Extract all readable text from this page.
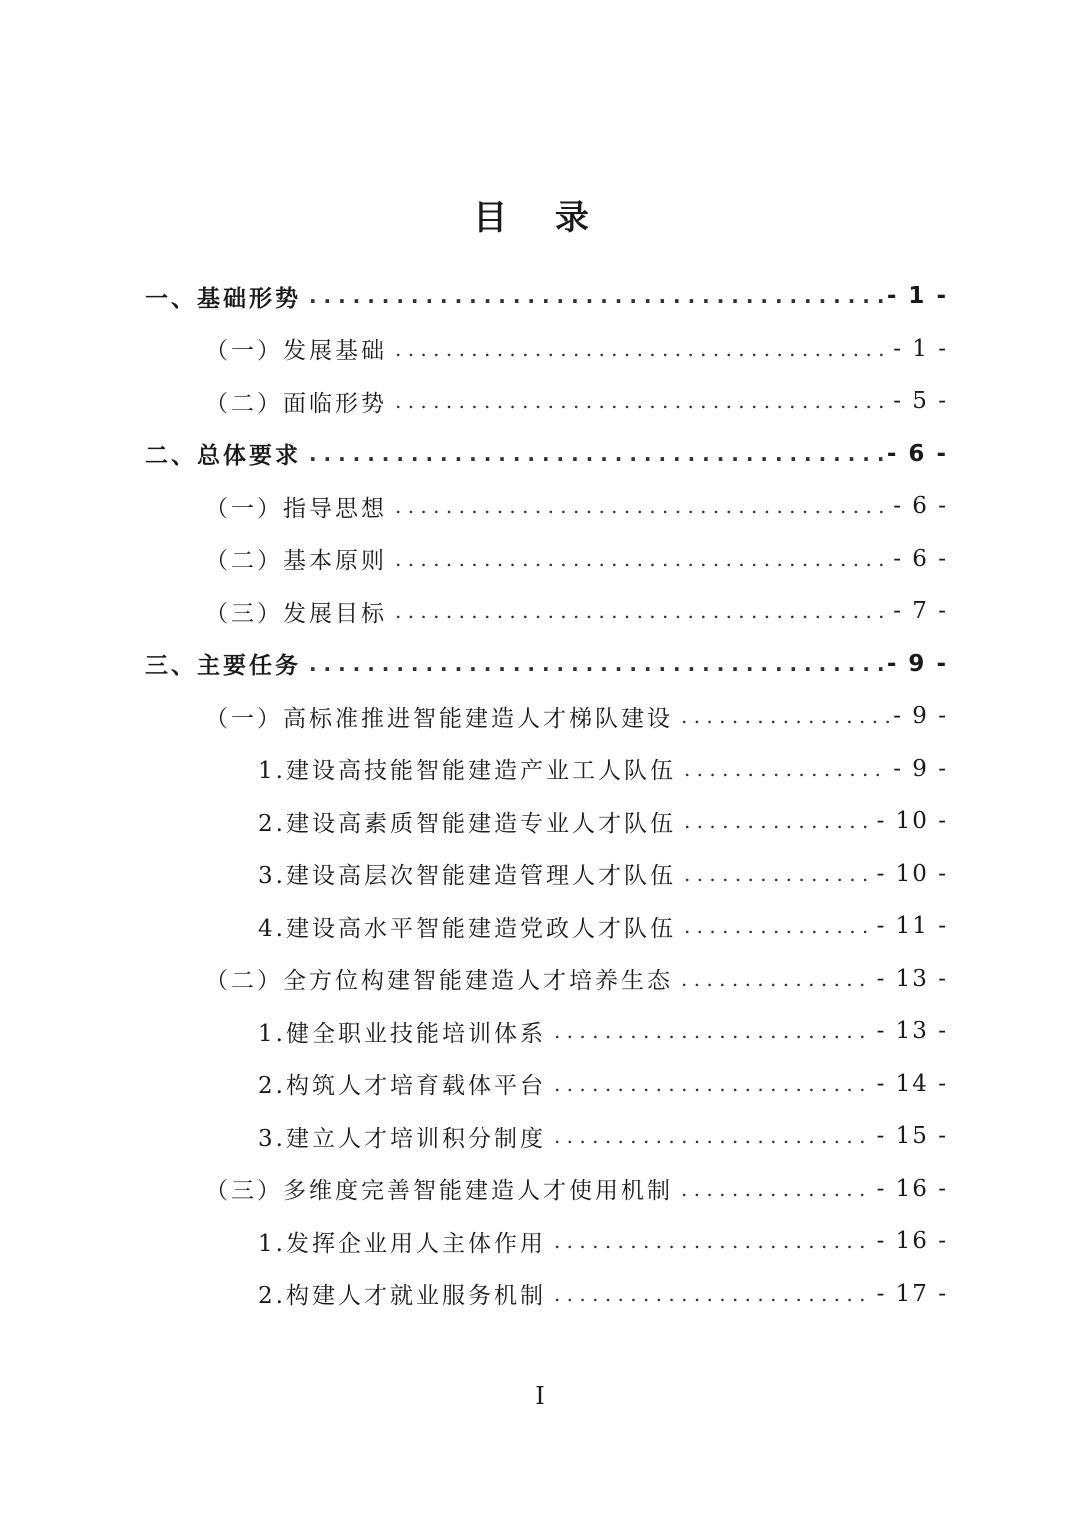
目 录
一、基础形势 . . .	- 1 -
（一）发展基础 . . .	- 1 -
（二）面临形势 . . .	- 5 -
二、总体要求 . . .	- 6 -
（一）指导思想 . . .	- 6 -
（二）基本原则 . . .	- 6 -
（三）发展目标 . . .	- 7 -
三、主要任务 . . .	- 9 -
（一）高标准推进智能建造人才梯队建设 . . .	- 9 -
1.建设高技能智能建造产业工人队伍 . . .	- 9 -
2.建设高素质智能建造专业人才队伍 . . .	- 10 -
3.建设高层次智能建造管理人才队伍 . . .	- 10 -
4.建设高水平智能建造党政人才队伍 . . .	- 11 -
（二）全方位构建智能建造人才培养生态 . . .	- 13 -
1.健全职业技能培训体系 . . .	- 13 -
2.构筑人才培育载体平台 . . .	- 14 -
3.建立人才培训积分制度 . . .	- 15 -
（三）多维度完善智能建造人才使用机制 . . .	- 16 -
1.发挥企业用人主体作用 . . .	- 16 -
2.构建人才就业服务机制 . . .	- 17 -
I
